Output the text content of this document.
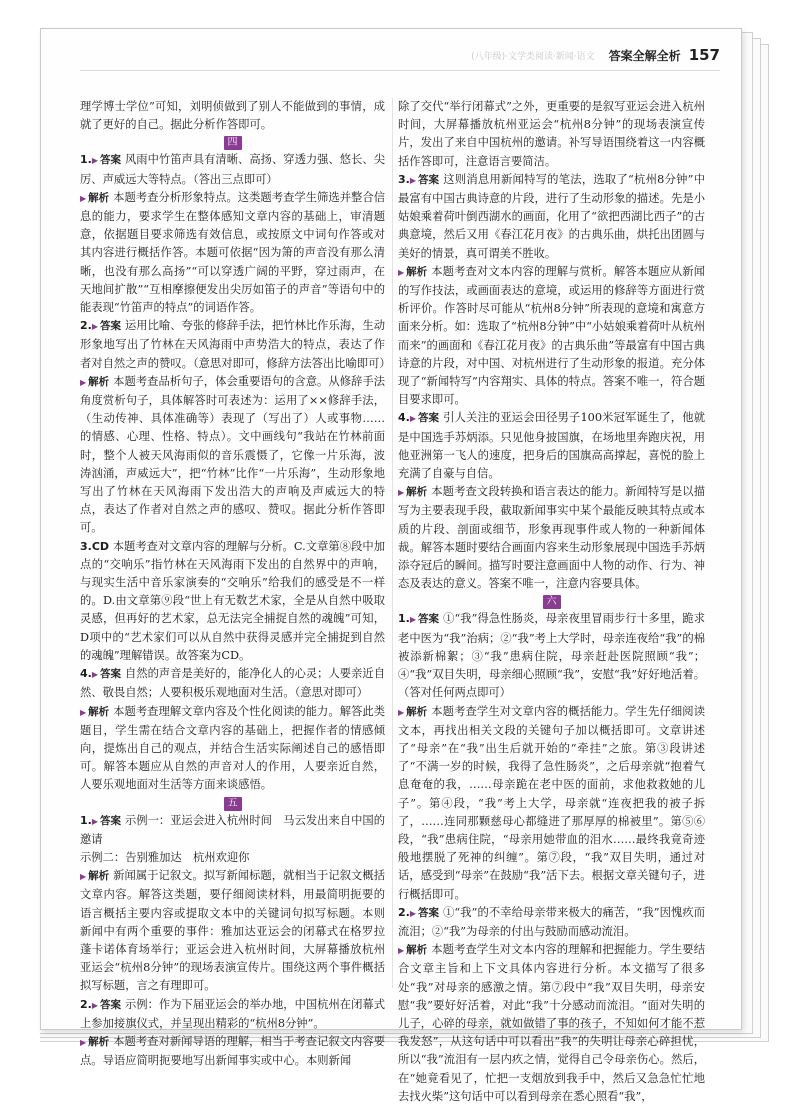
(八年级)·文学类阅读·新闻·语文 答案全解全析 157

理学博士学位”可知，刘明侦做到了别人不能做到的事情，成就了更好的自己。据此分析作答即可。

四

1.▶ 答案 风雨中竹笛声具有清晰、高扬、穿透力强、悠长、尖厉、声威远大等特点。（答出三点即可）

▶ 解析 本题考查分析形象特点。这类题考查学生筛选并整合信息的能力，要求学生在整体感知文章内容的基础上，审清题意，依据题目要求筛选有效信息，或按原文中词句作答或对其内容进行概括作答。本题可依据“因为箫的声音没有那么清晰，也没有那么高扬”“可以穿透广阔的平野，穿过雨声，在天地间扩散”“互相摩擦便发出尖厉如笛子的声音”等语句中的能表现“竹笛声的特点”的词语作答。

2.▶ 答案 运用比喻、夸张的修辞手法，把竹林比作乐海，生动形象地写出了竹林在天风海雨中声势浩大的特点，表达了作者对自然之声的赞叹。（意思对即可，修辞方法答出比喻即可）

▶ 解析 本题考查品析句子，体会重要语句的含意。从修辞手法角度赏析句子，具体解答时可表述为：运用了××修辞手法，（生动传神、具体准确等）表现了（写出了）人或事物……的情感、心理、性格、特点）。文中画线句“我站在竹林前面时，整个人被天风海雨似的音乐震慑了，它像一片乐海，波涛汹涌，声威远大”，把“竹林”比作“一片乐海”，生动形象地写出了竹林在天风海雨下发出浩大的声响及声威远大的特点，表达了作者对自然之声的感叹、赞叹。据此分析作答即可。

3.CD 本题考查对文章内容的理解与分析。C.文章第⑧段中加点的“交响乐”指竹林在天风海雨下发出的自然界中的声响，与现实生活中音乐家演奏的“交响乐”给我们的感受是不一样的。D.由文章第⑨段“世上有无数艺术家，全是从自然中吸取灵感，但再好的艺术家，总无法完全捕捉自然的魂魄”可知，D项中的“艺术家们可以从自然中获得灵感并完全捕捉到自然的魂魄”理解错误。故答案为CD。

4.▶ 答案 自然的声音是美好的，能净化人的心灵；人要亲近自然、敬畏自然；人要积极乐观地面对生活。（意思对即可）

▶ 解析 本题考查理解文章内容及个性化阅读的能力。解答此类题目，学生需在结合文章内容的基础上，把握作者的情感倾向，提炼出自己的观点，并结合生活实际阐述自己的感悟即可。解答本题应从自然的声音对人的作用，人要亲近自然，人要乐观地面对生活等方面来谈感悟。

五

1.▶ 答案 示例一：亚运会进入杭州时间　马云发出来自中国的邀请

示例二：告别雅加达　杭州欢迎你

▶ 解析 新闻属于记叙文。拟写新闻标题，就相当于记叙文概括文章内容。解答这类题，要仔细阅读材料，用最简明扼要的语言概括主要内容或提取文本中的关键词句拟写标题。本则新闻中有两个重要的事件：雅加达亚运会的闭幕式在格罗拉蓬卡诺体育场举行；亚运会进入杭州时间，大屏幕播放杭州亚运会“杭州8分钟”的现场表演宣传片。围绕这两个事件概括拟写标题，言之有理即可。

2.▶ 答案 示例：作为下届亚运会的举办地，中国杭州在闭幕式上参加接旗仪式，并呈现出精彩的“杭州8分钟”。

▶ 解析 本题考查对新闻导语的理解，相当于考查记叙文内容要点。导语应简明扼要地写出新闻事实或中心。本则新闻

除了交代“举行闭幕式”之外，更重要的是叙写亚运会进入杭州时间，大屏幕播放杭州亚运会“杭州8分钟”的现场表演宣传片，发出了来自中国杭州的邀请。补写导语围绕着这一内容概括作答即可，注意语言要简洁。

3.▶ 答案 这则消息用新闻特写的笔法，选取了“杭州8分钟”中最富有中国古典诗意的片段，进行了生动形象的描述。先是小姑娘乘着荷叶倒西湖水的画面，化用了“欲把西湖比西子”的古典意境，然后又用《春江花月夜》的古典乐曲，烘托出团圆与美好的情景，真可谓美不胜收。

▶ 解析 本题考查对文本内容的理解与赏析。解答本题应从新闻的写作技法，或画面表达的意境，或运用的修辞等方面进行赏析评价。作答时尽可能从“杭州8分钟”所表现的意境和寓意方面来分析。如：选取了“杭州8分钟”中“小姑娘乘着荷叶从杭州而来”的画面和《春江花月夜》的古典乐曲”等最富有中国古典诗意的片段，对中国、对杭州进行了生动形象的报道。充分体现了“新闻特写”内容翔实、具体的特点。答案不唯一，符合题目要求即可。

4.▶ 答案 引人关注的亚运会田径男子100米冠军诞生了，他就是中国选手苏炳添。只见他身披国旗，在场地里奔跑庆祝，用他亚洲第一飞人的速度，把身后的国旗高高撑起，喜悦的脸上充满了自豪与自信。

▶ 解析 本题考查文段转换和语言表达的能力。新闻特写是以描写为主要表现手段，截取新闻事实中某个最能反映其特点或本质的片段、剖面或细节，形象再现事件或人物的一种新闻体裁。解答本题时要结合画面内容来生动形象展现中国选手苏炳添夺冠后的瞬间。描写时要注意画面中人物的动作、行为、神态及表达的意义。答案不唯一，注意内容要具体。

六

1.▶ 答案 ①“我”得急性肠炎，母亲夜里冒雨步行十多里，跪求老中医为“我”治病；②“我”考上大学时，母亲连夜给“我”的棉被添新棉絮；③“我”患病住院，母亲赶赴医院照顾“我”；④“我”双目失明，母亲细心照顾“我”，安慰“我”好好地活着。（答对任何两点即可）

▶ 解析 本题考查学生对文章内容的概括能力。学生先仔细阅读文本，再找出相关文段的关键句子加以概括即可。文章讲述了“母亲”在“我”出生后就开始的“牵挂”之旅。第③段讲述了“不满一岁的时候，我得了急性肠炎”，之后母亲就“抱着气息奄奄的我，……母亲跪在老中医的面前，求他救救她的儿子”。第④段，“我”考上大学，母亲就“连夜把我的被子拆了，……连同那颗慈母心都缝进了那厚厚的棉被里”。第⑤⑥段，“我”患病住院，“母亲用她带血的泪水……最终我竟奇迹般地摆脱了死神的纠缠”。第⑦段，“我”双目失明，通过对话，感受到“母亲”在鼓励“我”活下去。根据文章关键句子，进行概括即可。

2.▶ 答案 ①“我”的不幸给母亲带来极大的痛苦，“我”因愧疚而流泪；②“我”为母亲的付出与鼓励而感动流泪。

▶ 解析 本题考查学生对文本内容的理解和把握能力。学生要结合文章主旨和上下文具体内容进行分析。本文描写了很多处“我”对母亲的感激之情。第⑦段中“我”双目失明，母亲安慰“我”要好好活着，对此“我”十分感动而流泪。“面对失明的儿子，心碎的母亲，就如做错了事的孩子，不知如何才能不惹我发怒”，从这句话中可以看出“我”的失明让母亲心碎担忧，所以“我”流泪有一层内疚之情，觉得自己令母亲伤心。然后，在“她竟看见了，忙把一支烟放到我手中，然后又急急忙忙地去找火柴”这句话中可以看到母亲在悉心照看“我”，
